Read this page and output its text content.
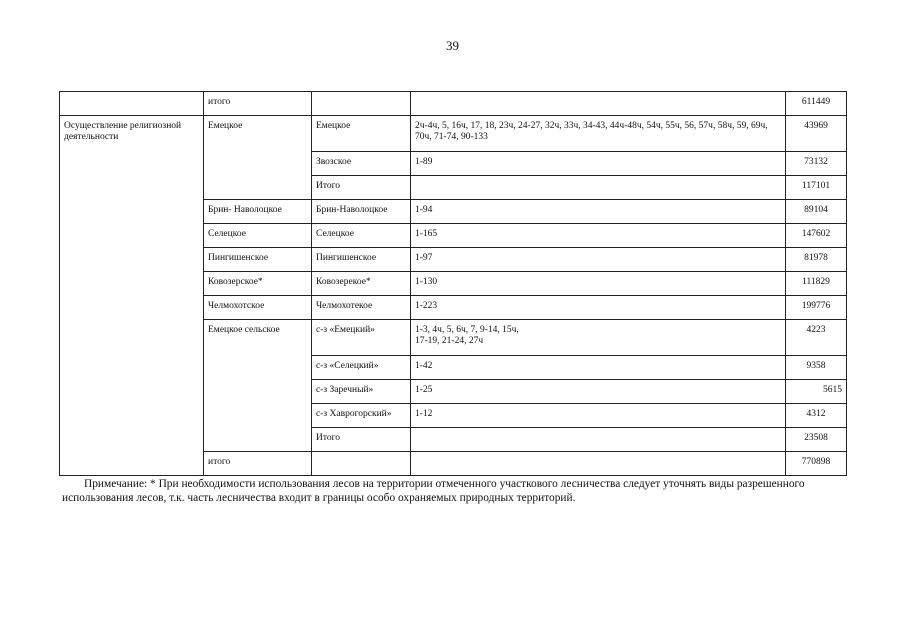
39
	итого			611449
Осуществление религиозной деятельности	Емецкое	Емецкое	2ч-4ч, 5, 16ч, 17, 18, 23ч, 24-27, 32ч, 33ч, 34-43, 44ч-48ч, 54ч, 55ч, 56, 57ч, 58ч, 59, 69ч, 70ч, 71-74, 90-133	43969
		Звозское	1-89	73132
		Итого		117101
	Брин- Наволоцкое	Брин-Наволоцкое	1-94	89104
	Селецкое	Селецкое	1-165	147602
	Пингишенское	Пингишенское	1-97	81978
	Ковозерское*	Ковозерекое*	1-130	111829
	Челмохотское	Челмохотекое	1-223	199776
	Емецкое сельское	с-з «Емецкий»	1-3, 4ч, 5, 6ч, 7, 9-14, 15ч,
17-19, 21-24, 27ч	4223
		с-з «Селецкий»	1-42	9358
		с-з Заречный»	1-25	5615
		с-з Хаврогорский»	1-12	4312
		Итого		23508
	итого			770898
Примечание: * При необходимости использования лесов на территории отмеченного участкового лесничества следует уточнять виды разрешенного использования лесов, т.к. часть лесничества входит в границы особо охраняемых природных территорий.
